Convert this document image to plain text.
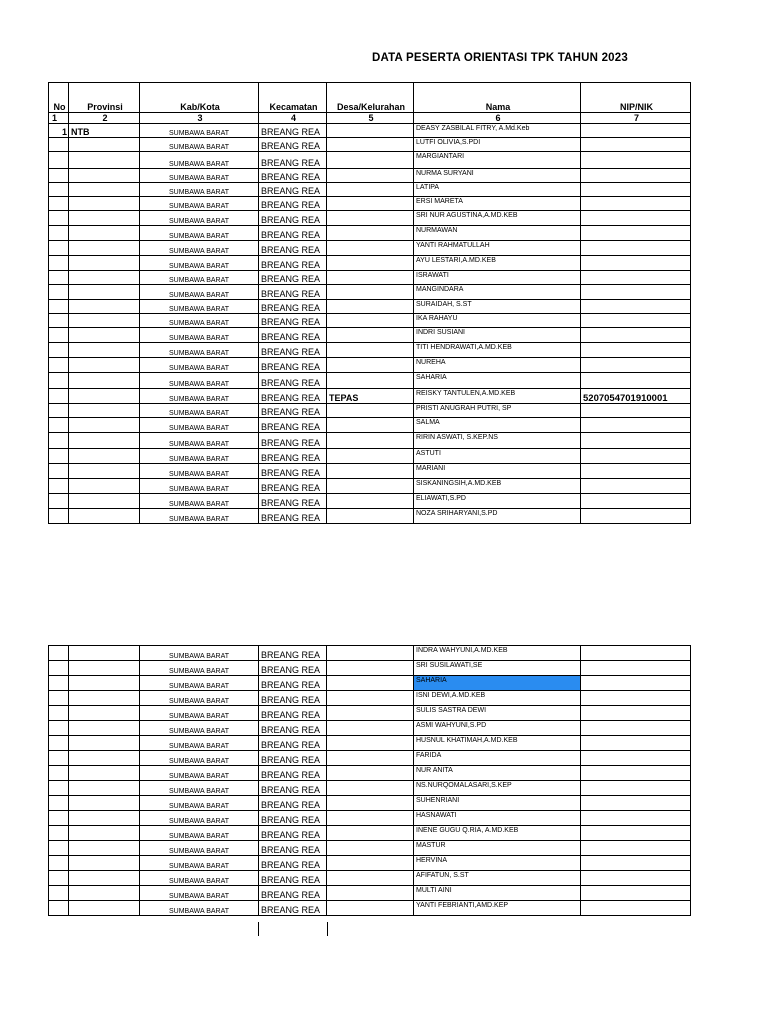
DATA PESERTA ORIENTASI TPK TAHUN 2023
No	Provinsi	Kab/Kota	Kecamatan	Desa/Kelurahan	Nama	NIP/NIK
1	2	3	4	5	6	7
1	NTB	SUMBAWA BARAT	BREANG REA		DEASY ZASBILAL FITRY, A.Md.Keb	
		SUMBAWA BARAT	BREANG REA		LUTFI OLIVIA,S.PDI	
		SUMBAWA BARAT	BREANG REA		MARGIANTARI	
		SUMBAWA BARAT	BREANG REA		NURMA SURYANI	
		SUMBAWA BARAT	BREANG REA		LATIPA	
		SUMBAWA BARAT	BREANG REA		ERSI MARETA	
		SUMBAWA BARAT	BREANG REA		SRI NUR AGUSTINA,A.MD.KEB	
		SUMBAWA BARAT	BREANG REA		NURMAWAN	
		SUMBAWA BARAT	BREANG REA		YANTI RAHMATULLAH	
		SUMBAWA BARAT	BREANG REA		AYU LESTARI,A.MD.KEB	
		SUMBAWA BARAT	BREANG REA		ISRAWATI	
		SUMBAWA BARAT	BREANG REA		MANGINDARA	
		SUMBAWA BARAT	BREANG REA		SURAIDAH, S.ST	
		SUMBAWA BARAT	BREANG REA		IKA RAHAYU	
		SUMBAWA BARAT	BREANG REA		INDRI SUSIANI	
		SUMBAWA BARAT	BREANG REA		TITI HENDRAWATI,A.MD.KEB	
		SUMBAWA BARAT	BREANG REA		NUREHA	
		SUMBAWA BARAT	BREANG REA		SAHARIA	
		SUMBAWA BARAT	BREANG REA	TEPAS	REISKY TANTULEN,A.MD.KEB	5207054701910001
		SUMBAWA BARAT	BREANG REA		PRISTI ANUGRAH PUTRI, SP	
		SUMBAWA BARAT	BREANG REA		SALMA	
		SUMBAWA BARAT	BREANG REA		RIRIN ASWATI, S.KEP.NS	
		SUMBAWA BARAT	BREANG REA		ASTUTI	
		SUMBAWA BARAT	BREANG REA		MARIANI	
		SUMBAWA BARAT	BREANG REA		SISKANINGSIH,A.MD.KEB	
		SUMBAWA BARAT	BREANG REA		ELIAWATI,S.PD	
		SUMBAWA BARAT	BREANG REA		NOZA SRIHARYANI,S.PD	
		SUMBAWA BARAT	BREANG REA		INDRA WAHYUNI,A.MD.KEB	
		SUMBAWA BARAT	BREANG REA		SRI SUSILAWATI,SE	
		SUMBAWA BARAT	BREANG REA		SAHARIA	
		SUMBAWA BARAT	BREANG REA		ISNI DEWI,A.MD.KEB	
		SUMBAWA BARAT	BREANG REA		SULIS SASTRA DEWI	
		SUMBAWA BARAT	BREANG REA		ASMI WAHYUNI,S.PD	
		SUMBAWA BARAT	BREANG REA		HUSNUL KHATIMAH,A.MD.KEB	
		SUMBAWA BARAT	BREANG REA		FARIDA	
		SUMBAWA BARAT	BREANG REA		NUR ANITA	
		SUMBAWA BARAT	BREANG REA		NS.NURQOMALASARI,S.KEP	
		SUMBAWA BARAT	BREANG REA		SUHENRIANI	
		SUMBAWA BARAT	BREANG REA		HASNAWATI	
		SUMBAWA BARAT	BREANG REA		INENE GUGU Q.RIA, A.MD.KEB	
		SUMBAWA BARAT	BREANG REA		MASTUR	
		SUMBAWA BARAT	BREANG REA		HERVINA	
		SUMBAWA BARAT	BREANG REA		AFIFATUN, S.ST	
		SUMBAWA BARAT	BREANG REA		MULTI AINI	
		SUMBAWA BARAT	BREANG REA		YANTI FEBRIANTI,AMD.KEP	
